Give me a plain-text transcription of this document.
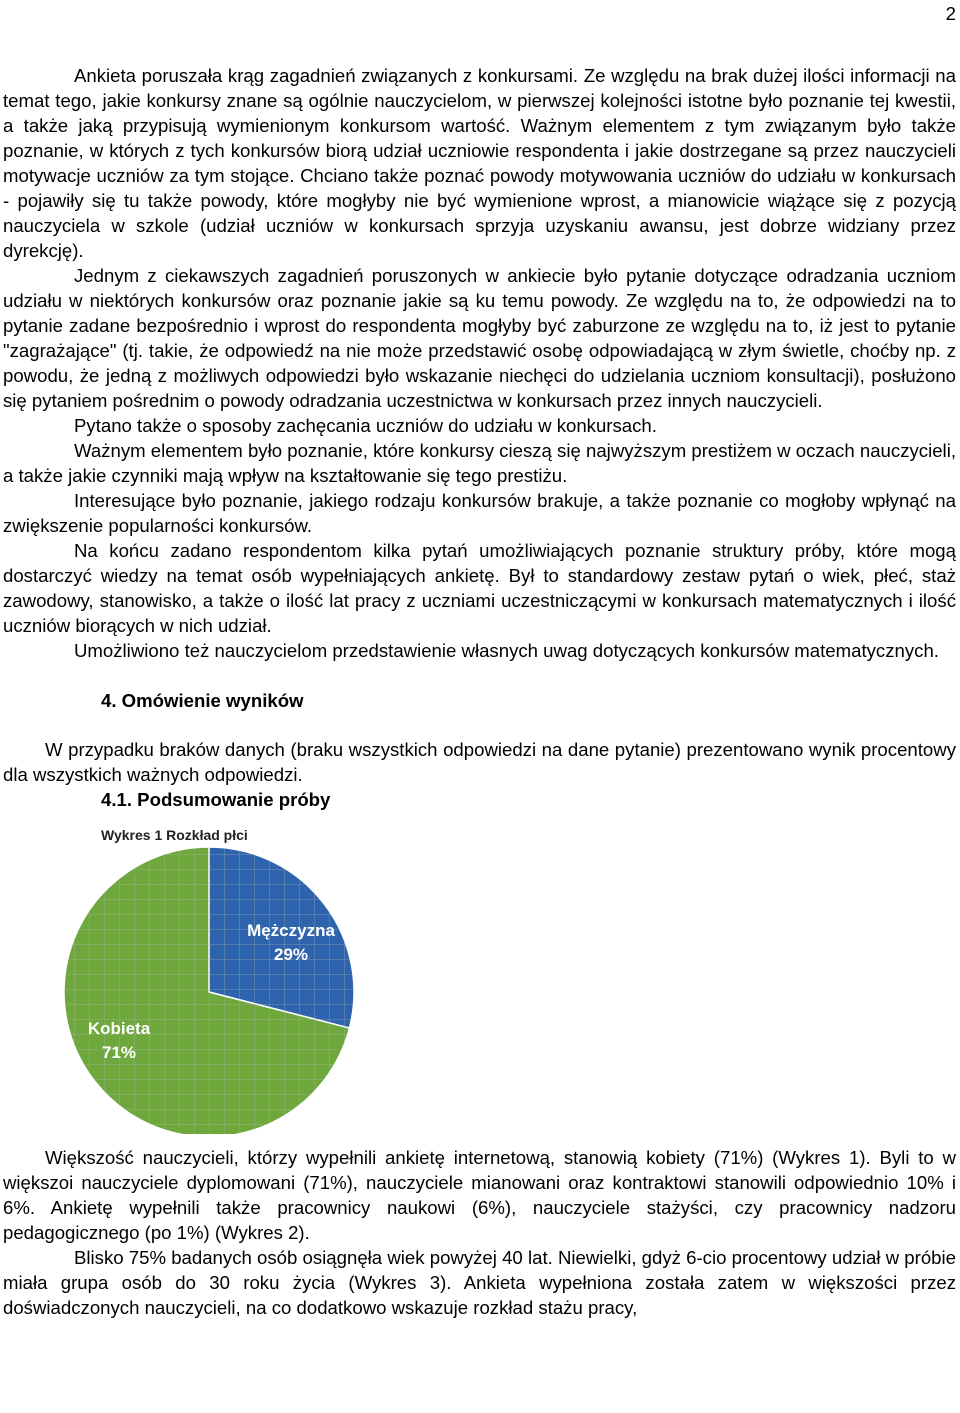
2

Ankieta poruszała krąg zagadnień związanych z konkursami. Ze względu na brak dużej ilości informacji na temat tego, jakie konkursy znane są ogólnie nauczycielom, w pierwszej kolejności istotne było poznanie tej kwestii, a także jaką przypisują wymienionym konkursom wartość. Ważnym elementem z tym związanym było także poznanie, w których z tych konkursów biorą udział uczniowie respondenta i jakie dostrzegane są przez nauczycieli motywacje uczniów za tym stojące. Chciano także poznać powody motywowania uczniów do udziału w konkursach - pojawiły się tu także powody, które mogłyby nie być wymienione wprost, a mianowicie wiążące się z pozycją nauczyciela w szkole (udział uczniów w konkursach sprzyja uzyskaniu awansu, jest dobrze widziany przez dyrekcję).

Jednym z ciekawszych zagadnień poruszonych w ankiecie było pytanie dotyczące odradzania uczniom udziału w niektórych konkursów oraz poznanie jakie są ku temu powody. Ze względu na to, że odpowiedzi na to pytanie zadane bezpośrednio i wprost do respondenta mogłyby być zaburzone ze względu na to, iż jest to pytanie "zagrażające" (tj. takie, że odpowiedź na nie może przedstawić osobę odpowiadającą w złym świetle, choćby np. z powodu, że jedną z możliwych odpowiedzi było wskazanie niechęci do udzielania uczniom konsultacji), posłużono się pytaniem pośrednim o powody odradzania uczestnictwa w konkursach przez innych nauczycieli.

Pytano także o sposoby zachęcania uczniów do udziału w konkursach.

Ważnym elementem było poznanie, które konkursy cieszą się najwyższym prestiżem w oczach nauczycieli, a także jakie czynniki mają wpływ na kształtowanie się tego prestiżu.

Interesujące było poznanie, jakiego rodzaju konkursów brakuje, a także poznanie co mogłoby wpłynąć na zwiększenie popularności konkursów.

Na końcu zadano respondentom kilka pytań umożliwiających poznanie struktury próby, które mogą dostarczyć wiedzy na temat osób wypełniających ankietę. Był to standardowy zestaw pytań o wiek, płeć, staż zawodowy, stanowisko, a także o ilość lat pracy z uczniami uczestniczącymi w konkursach matematycznych i ilość uczniów biorących w nich udział.

Umożliwiono też nauczycielom przedstawienie własnych uwag dotyczących konkursów matematycznych.

4. Omówienie wyników

W przypadku braków danych (braku wszystkich odpowiedzi na dane pytanie) prezentowano wynik procentowy dla wszystkich ważnych odpowiedzi.

4.1. Podsumowanie próby

Wykres 1 Rozkład płci
Mężczyzna
29%
Kobieta
71%

Większość nauczycieli, którzy wypełnili ankietę internetową, stanowią kobiety (71%) (Wykres 1). Byli to w większoi nauczyciele dyplomowani (71%), nauczyciele mianowani oraz kontraktowi stanowili odpowiednio 10% i 6%. Ankietę wypełnili także pracownicy naukowi (6%), nauczyciele stażyści, czy pracownicy nadzoru pedagogicznego (po 1%) (Wykres 2).

Blisko 75% badanych osób osiągnęła wiek powyżej 40 lat. Niewielki, gdyż 6-cio procentowy udział w próbie miała grupa osób do 30 roku życia (Wykres 3). Ankieta wypełniona została zatem w większości przez doświadczonych nauczycieli, na co dodatkowo wskazuje rozkład stażu pracy,
